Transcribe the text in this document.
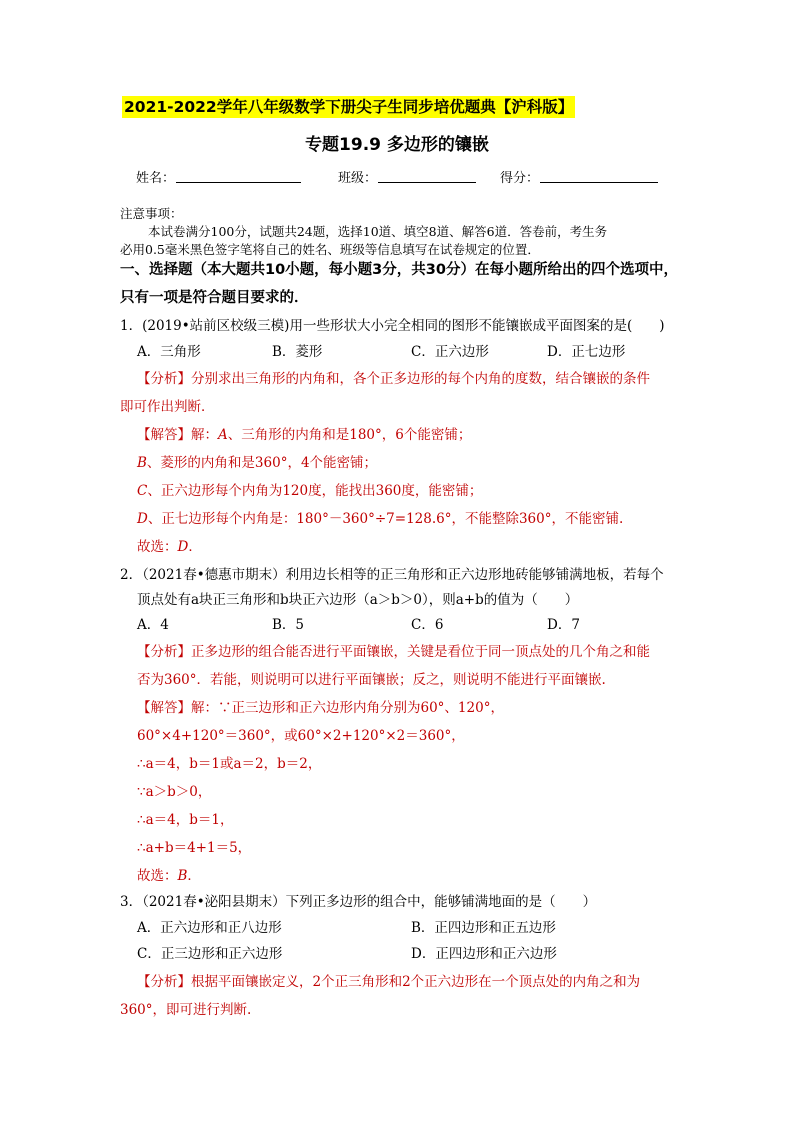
2021-2022学年八年级数学下册尖子生同步培优题典【沪科版】
专题19.9 多边形的镶嵌
姓名：	班级：	得分：
注意事项：
本试卷满分100分，试题共24题，选择10道、填空8道、解答6道．答卷前，考生务
必用0.5毫米黑色签字笔将自己的姓名、班级等信息填写在试卷规定的位置．
一、选择题（本大题共10小题，每小题3分，共30分）在每小题所给出的四个选项中，
只有一项是符合题目要求的．
1．(2019•站前区校级三模)用一些形状大小完全相同的图形不能镶嵌成平面图案的是(　　)
A．三角形	B．菱形	C．正六边形	D．正七边形
【分析】分别求出三角形的内角和，各个正多边形的每个内角的度数，结合镶嵌的条件
即可作出判断．
【解答】解：A、三角形的内角和是180°，6个能密铺；
B、菱形的内角和是360°，4个能密铺；
C、正六边形每个内角为120度，能找出360度，能密铺；
D、正七边形每个内角是：180°－360°÷7=128.6°，不能整除360°，不能密铺.
故选：D．
2．（2021春•德惠市期末）利用边长相等的正三角形和正六边形地砖能够铺满地板，若每个
顶点处有a块正三角形和b块正六边形（a＞b＞0），则a+b的值为（　　）
A．4	B．5	C．6	D．7
【分析】正多边形的组合能否进行平面镶嵌，关键是看位于同一顶点处的几个角之和能
否为360°．若能，则说明可以进行平面镶嵌；反之，则说明不能进行平面镶嵌.
【解答】解：∵正三边形和正六边形内角分别为60°、120°，
60°×4+120°＝360°，或60°×2+120°×2＝360°，
∴a＝4，b＝1或a＝2，b＝2，
∵a＞b＞0，
∴a＝4，b＝1，
∴a+b＝4+1＝5，
故选：B．
3．（2021春•泌阳县期末）下列正多边形的组合中，能够铺满地面的是（　　）
A．正六边形和正八边形	B．正四边形和正五边形
C．正三边形和正六边形	D．正四边形和正六边形
【分析】根据平面镶嵌定义，2个正三角形和2个正六边形在一个顶点处的内角之和为
360°，即可进行判断.
